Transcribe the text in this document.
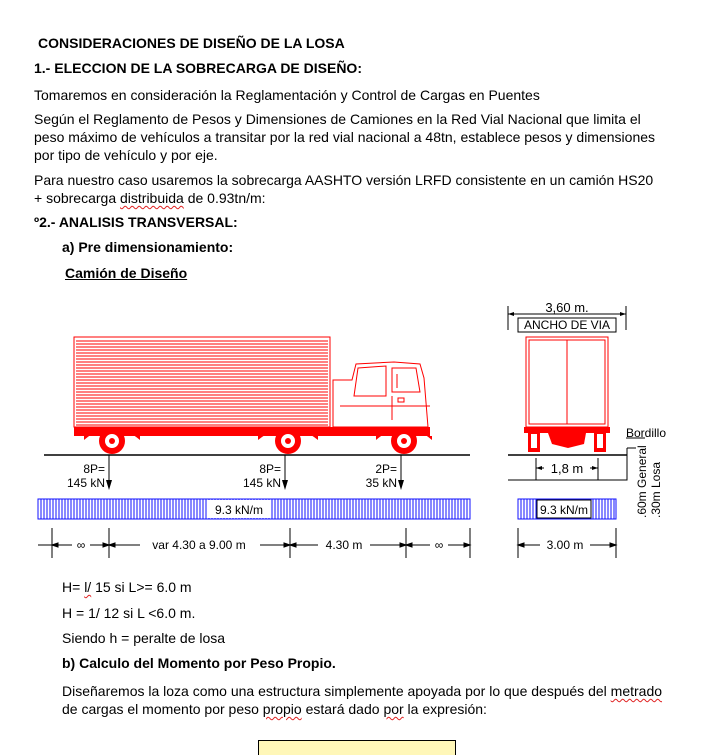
CONSIDERACIONES DE DISEÑO DE LA LOSA
1.- ELECCION DE LA SOBRECARGA DE DISEÑO:
Tomaremos en consideración la Reglamentación y Control de Cargas en Puentes
Según el Reglamento de Pesos y Dimensiones de Camiones en la Red Vial Nacional que limita el
peso máximo de vehículos a transitar por la red vial nacional a 48tn, establece pesos y dimensiones
por tipo de vehículo y por eje.
Para nuestro caso usaremos la sobrecarga AASHTO versión LRFD consistente en un camión HS20
+ sobrecarga distribuida de 0.93tn/m:
º2.- ANALISIS TRANSVERSAL:
a) Pre dimensionamiento:
Camión de Diseño
H= l/ 15 si L>= 6.0 m
H = 1/ 12 si L <6.0 m.
Siendo h = peralte de losa
b) Calculo del Momento por Peso Propio.
Diseñaremos la loza como una estructura simplemente apoyada por lo que después del metrado
de cargas el momento por peso propio estará dado por la expresión:
8P=
145 kN
8P=
145 kN
2P=
35 kN
9.3 kN/m
∞	var 4.30 a 9.00 m	4.30 m	∞
3,60 m.
ANCHO DE VIA
Bordillo
1,8 m	.60m General .30m Losa
9.3 kN/m
3.00 m
